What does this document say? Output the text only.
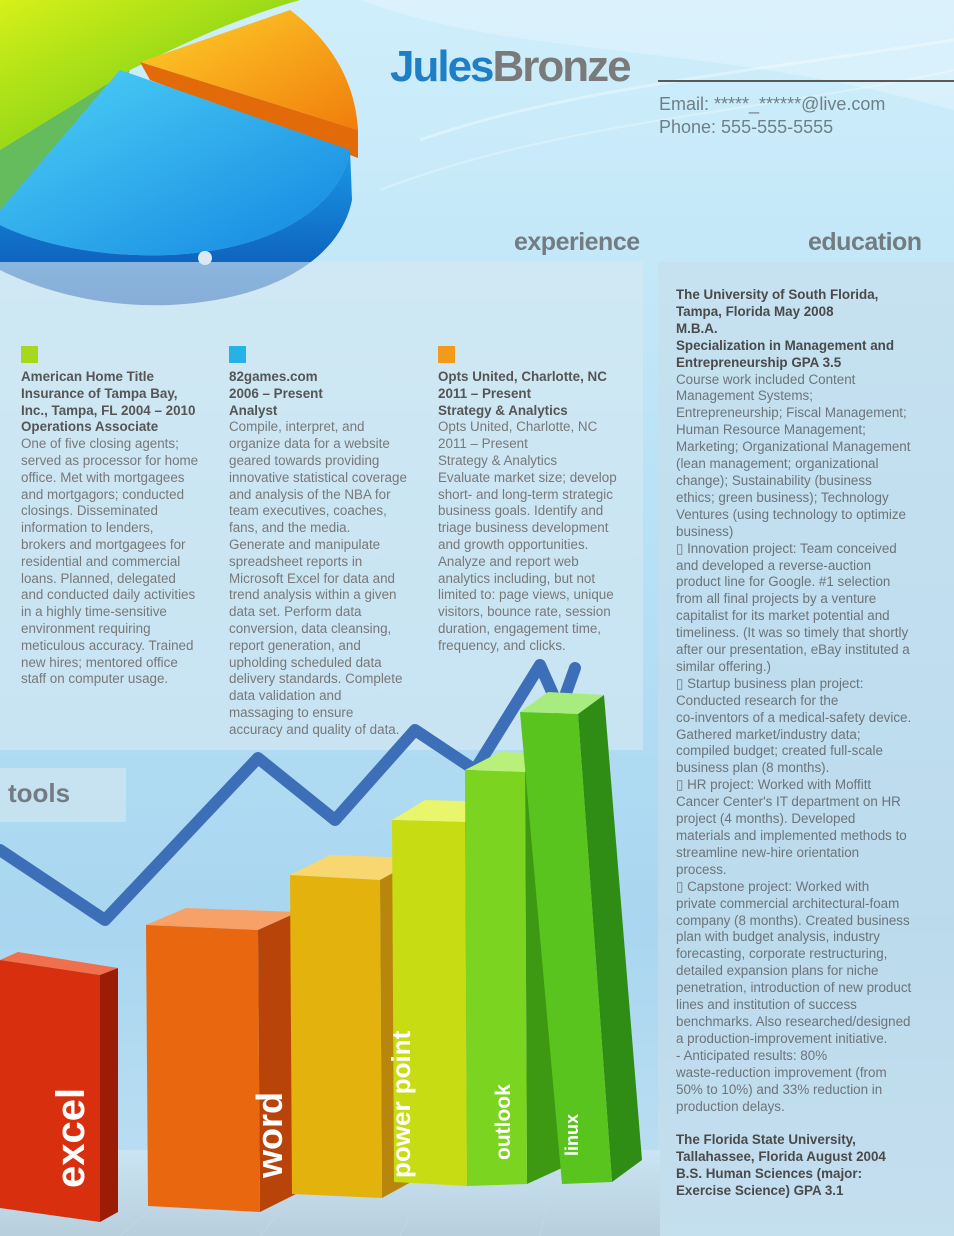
JulesBronze
Email: *****_******@live.com
Phone: 555-555-5555
experience	education
tools
American Home Title
Insurance of Tampa Bay,
Inc., Tampa, FL 2004 – 2010
Operations Associate
One of five closing agents;
served as processor for home
office. Met with mortgagees
and mortgagors; conducted
closings. Disseminated
information to lenders,
brokers and mortgagees for
residential and commercial
loans. Planned, delegated
and conducted daily activities
in a highly time-sensitive
environment requiring
meticulous accuracy. Trained
new hires; mentored office
staff on computer usage.
82games.com
2006 – Present
Analyst
Compile, interpret, and
organize data for a website
geared towards providing
innovative statistical coverage
and analysis of the NBA for
team executives, coaches,
fans, and the media.
Generate and manipulate
spreadsheet reports in
Microsoft Excel for data and
trend analysis within a given
data set. Perform data
conversion, data cleansing,
report generation, and
upholding scheduled data
delivery standards. Complete
data validation and
massaging to ensure
accuracy and quality of data.
Opts United, Charlotte, NC
2011 – Present
Strategy & Analytics
Opts United, Charlotte, NC
2011 – Present
Strategy & Analytics
Evaluate market size; develop
short- and long-term strategic
business goals. Identify and
triage business development
and growth opportunities.
Analyze and report web
analytics including, but not
limited to: page views, unique
visitors, bounce rate, session
duration, engagement time,
frequency, and clicks.
The University of South Florida,
Tampa, Florida May 2008
M.B.A.
Specialization in Management and
Entrepreneurship GPA 3.5
Course work included Content
Management Systems;
Entrepreneurship; Fiscal Management;
Human Resource Management;
Marketing; Organizational Management
(lean management; organizational
change); Sustainability (business
ethics; green business); Technology
Ventures (using technology to optimize
business)
▯ Innovation project: Team conceived
and developed a reverse-auction
product line for Google. #1 selection
from all final projects by a venture
capitalist for its market potential and
timeliness. (It was so timely that shortly
after our presentation, eBay instituted a
similar offering.)
▯ Startup business plan project:
Conducted research for the
co-inventors of a medical-safety device.
Gathered market/industry data;
compiled budget; created full-scale
business plan (8 months).
▯ HR project: Worked with Moffitt
Cancer Center's IT department on HR
project (4 months). Developed
materials and implemented methods to
streamline new-hire orientation
process.
▯ Capstone project: Worked with
private commercial architectural-foam
company (8 months). Created business
plan with budget analysis, industry
forecasting, corporate restructuring,
detailed expansion plans for niche
penetration, introduction of new product
lines and institution of success
benchmarks. Also researched/designed
a production-improvement initiative.
- Anticipated results: 80%
waste-reduction improvement (from
50% to 10%) and 33% reduction in
production delays.
The Florida State University,
Tallahassee, Florida August 2004
B.S. Human Sciences (major:
Exercise Science) GPA 3.1
excel	word	power point	outlook	linux
